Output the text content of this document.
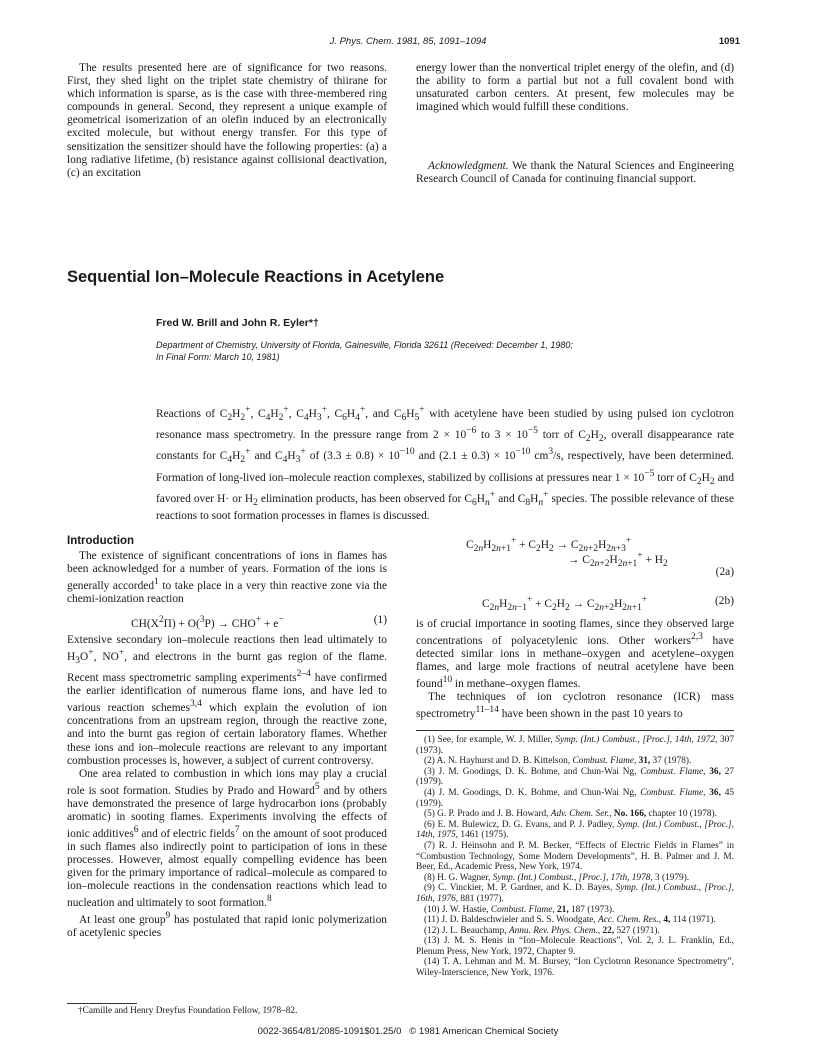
J. Phys. Chem. 1981, 85, 1091–1094	1091

The results presented here are of significance for two reasons. First, they shed light on the triplet state chemistry of thiirane for which information is sparse, as is the case with three-membered ring compounds in general. Second, they represent a unique example of geometrical isomerization of an olefin induced by an electronically excited molecule, but without energy transfer. For this type of sensitization the sensitizer should have the following properties: (a) a long radiative lifetime, (b) resistance against collisional deactivation, (c) an excitation

energy lower than the nonvertical triplet energy of the olefin, and (d) the ability to form a partial but not a full covalent bond with unsaturated carbon centers. At present, few molecules may be imagined which would fulfill these conditions.

Acknowledgment. We thank the Natural Sciences and Engineering Research Council of Canada for continuing financial support.

Sequential Ion–Molecule Reactions in Acetylene
Fred W. Brill and John R. Eyler*†
Department of Chemistry, University of Florida, Gainesville, Florida 32611 (Received: December 1, 1980;
In Final Form: March 10, 1981)

Reactions of $C_2H_2^+$, $C_4H_2^+$, $C_4H_3^+$, $C_6H_4^+$, and $C_6H_5^+$ with acetylene have been studied by using pulsed ion cyclotron resonance mass spectrometry. In the pressure range from $2 \times 10^{-6}$ to $3 \times 10^{-5}$ torr of $C_2H_2$, overall disappearance rate constants for $C_4H_2^+$ and $C_4H_3^+$ of $(3.3 \pm 0.8) \times 10^{-10}$ and $(2.1 \pm 0.3) \times 10^{-10}$ $cm^3/s$, respectively, have been determined. Formation of long-lived ion–molecule reaction complexes, stabilized by collisions at pressures near $1 \times 10^{-5}$ torr of $C_2H_2$ and favored over H· or $H_2$ elimination products, has been observed for $C_6H_n^+$ and $C_8H_n^+$ species. The possible relevance of these reactions to soot formation processes in flames is discussed.

Introduction

The existence of significant concentrations of ions in flames has been acknowledged for a number of years. Formation of the ions is generally accorded$^1$ to take place in a very thin reactive zone via the chemi-ionization reaction

$CH(X^2\Pi) + O(^3P) \to CHO^+ + e^-$	(1)

Extensive secondary ion–molecule reactions then lead ultimately to $H_3O^+$, NO+, and electrons in the burnt gas region of the flame. Recent mass spectrometric sampling experiments$^{2-4}$ have confirmed the earlier identification of numerous flame ions, and have led to various reaction schemes$^{3,4}$ which explain the evolution of ion concentrations from an upstream region, through the reactive zone, and into the burnt gas region of certain laboratory flames. Whether these ions and ion–molecule reactions are relevant to any important combustion processes is, however, a subject of current controversy.

One area related to combustion in which ions may play a crucial role is soot formation. Studies by Prado and Howard$^5$ and by others have demonstrated the presence of large hydrocarbon ions (probably aromatic) in sooting flames. Experiments involving the effects of ionic additives$^6$ and of electric fields$^7$ on the amount of soot produced in such flames also indirectly point to participation of ions in these processes. However, almost equally compelling evidence has been given for the primary importance of radical–molecule as compared to ion–molecule reactions in the condensation reactions which lead to nucleation and ultimately to soot formation.$^8$

At least one group$^9$ has postulated that rapid ionic polymerization of acetylenic species

†Camille and Henry Dreyfus Foundation Fellow, 1978–82.
$C_{2n}H_{2n+1}^+ + C_2H_2 \to C_{2n+2}H_{2n+3}^+$
→ $C_{2n+2}H_{2n+1}^+ + H_2$
(2a)
$C_{2n}H_{2n-1}^+ + C_2H_2 \to C_{2n+2}H_{2n+1}^+$	(2b)

is of crucial importance in sooting flames, since they observed large concentrations of polyacetylenic ions. Other workers$^{2,3}$ have detected similar ions in methane–oxygen and acetylene–oxygen flames, and large mole fractions of neutral acetylene have been found$^{10}$ in methane–oxygen flames.

The techniques of ion cyclotron resonance (ICR) mass spectrometry$^{11-14}$ have been shown in the past 10 years to

(1) See, for example, W. J. Miller, Symp. (Int.) Combust., [Proc.], 14th, 1972, 307 (1973).
(2) A. N. Hayhurst and D. B. Kittelson, Combust. Flame, 31, 37 (1978).
(3) J. M. Goodings, D. K. Bohme, and Chun-Wai Ng, Combust. Flame, 36, 27 (1979).
(4) J. M. Goodings, D. K. Bohme, and Chun-Wai Ng, Combust. Flame, 36, 45 (1979).
(5) G. P. Prado and J. B. Howard, Adv. Chem. Ser., No. 166, chapter 10 (1978).
(6) E. M. Bulewicz, D. G. Evans, and P. J. Padley, Symp. (Int.) Combust., [Proc.], 14th, 1975, 1461 (1975).
(7) R. J. Heinsohn and P. M. Becker, “Effects of Electric Fields in Flames” in “Combustion Technology, Some Modern Developments”, H. B. Palmer and J. M. Beer, Ed., Academic Press, New York, 1974.
(8) H. G. Wagner, Symp. (Int.) Combust., [Proc.], 17th, 1978, 3 (1979).
(9) C. Vinckier, M. P. Gardner, and K. D. Bayes, Symp. (Int.) Combust., [Proc.], 16th, 1976, 881 (1977).
(10) J. W. Hastie, Combust. Flame, 21, 187 (1973).
(11) J. D. Baldeschwieler and S. S. Woodgate, Acc. Chem. Res., 4, 114 (1971).
(12) J. L. Beauchamp, Annu. Rev. Phys. Chem., 22, 527 (1971).
(13) J. M. S. Henis in “Ion–Molecule Reactions”, Vol. 2, J. L. Franklin, Ed., Plenum Press, New York, 1972, Chapter 9.
(14) T. A. Lehman and M. M. Bursey, “Ion Cyclotron Resonance Spectrometry”, Wiley-Interscience, New York, 1976.
0022-3654/81/2085-1091$01.25/0   © 1981 American Chemical Society
